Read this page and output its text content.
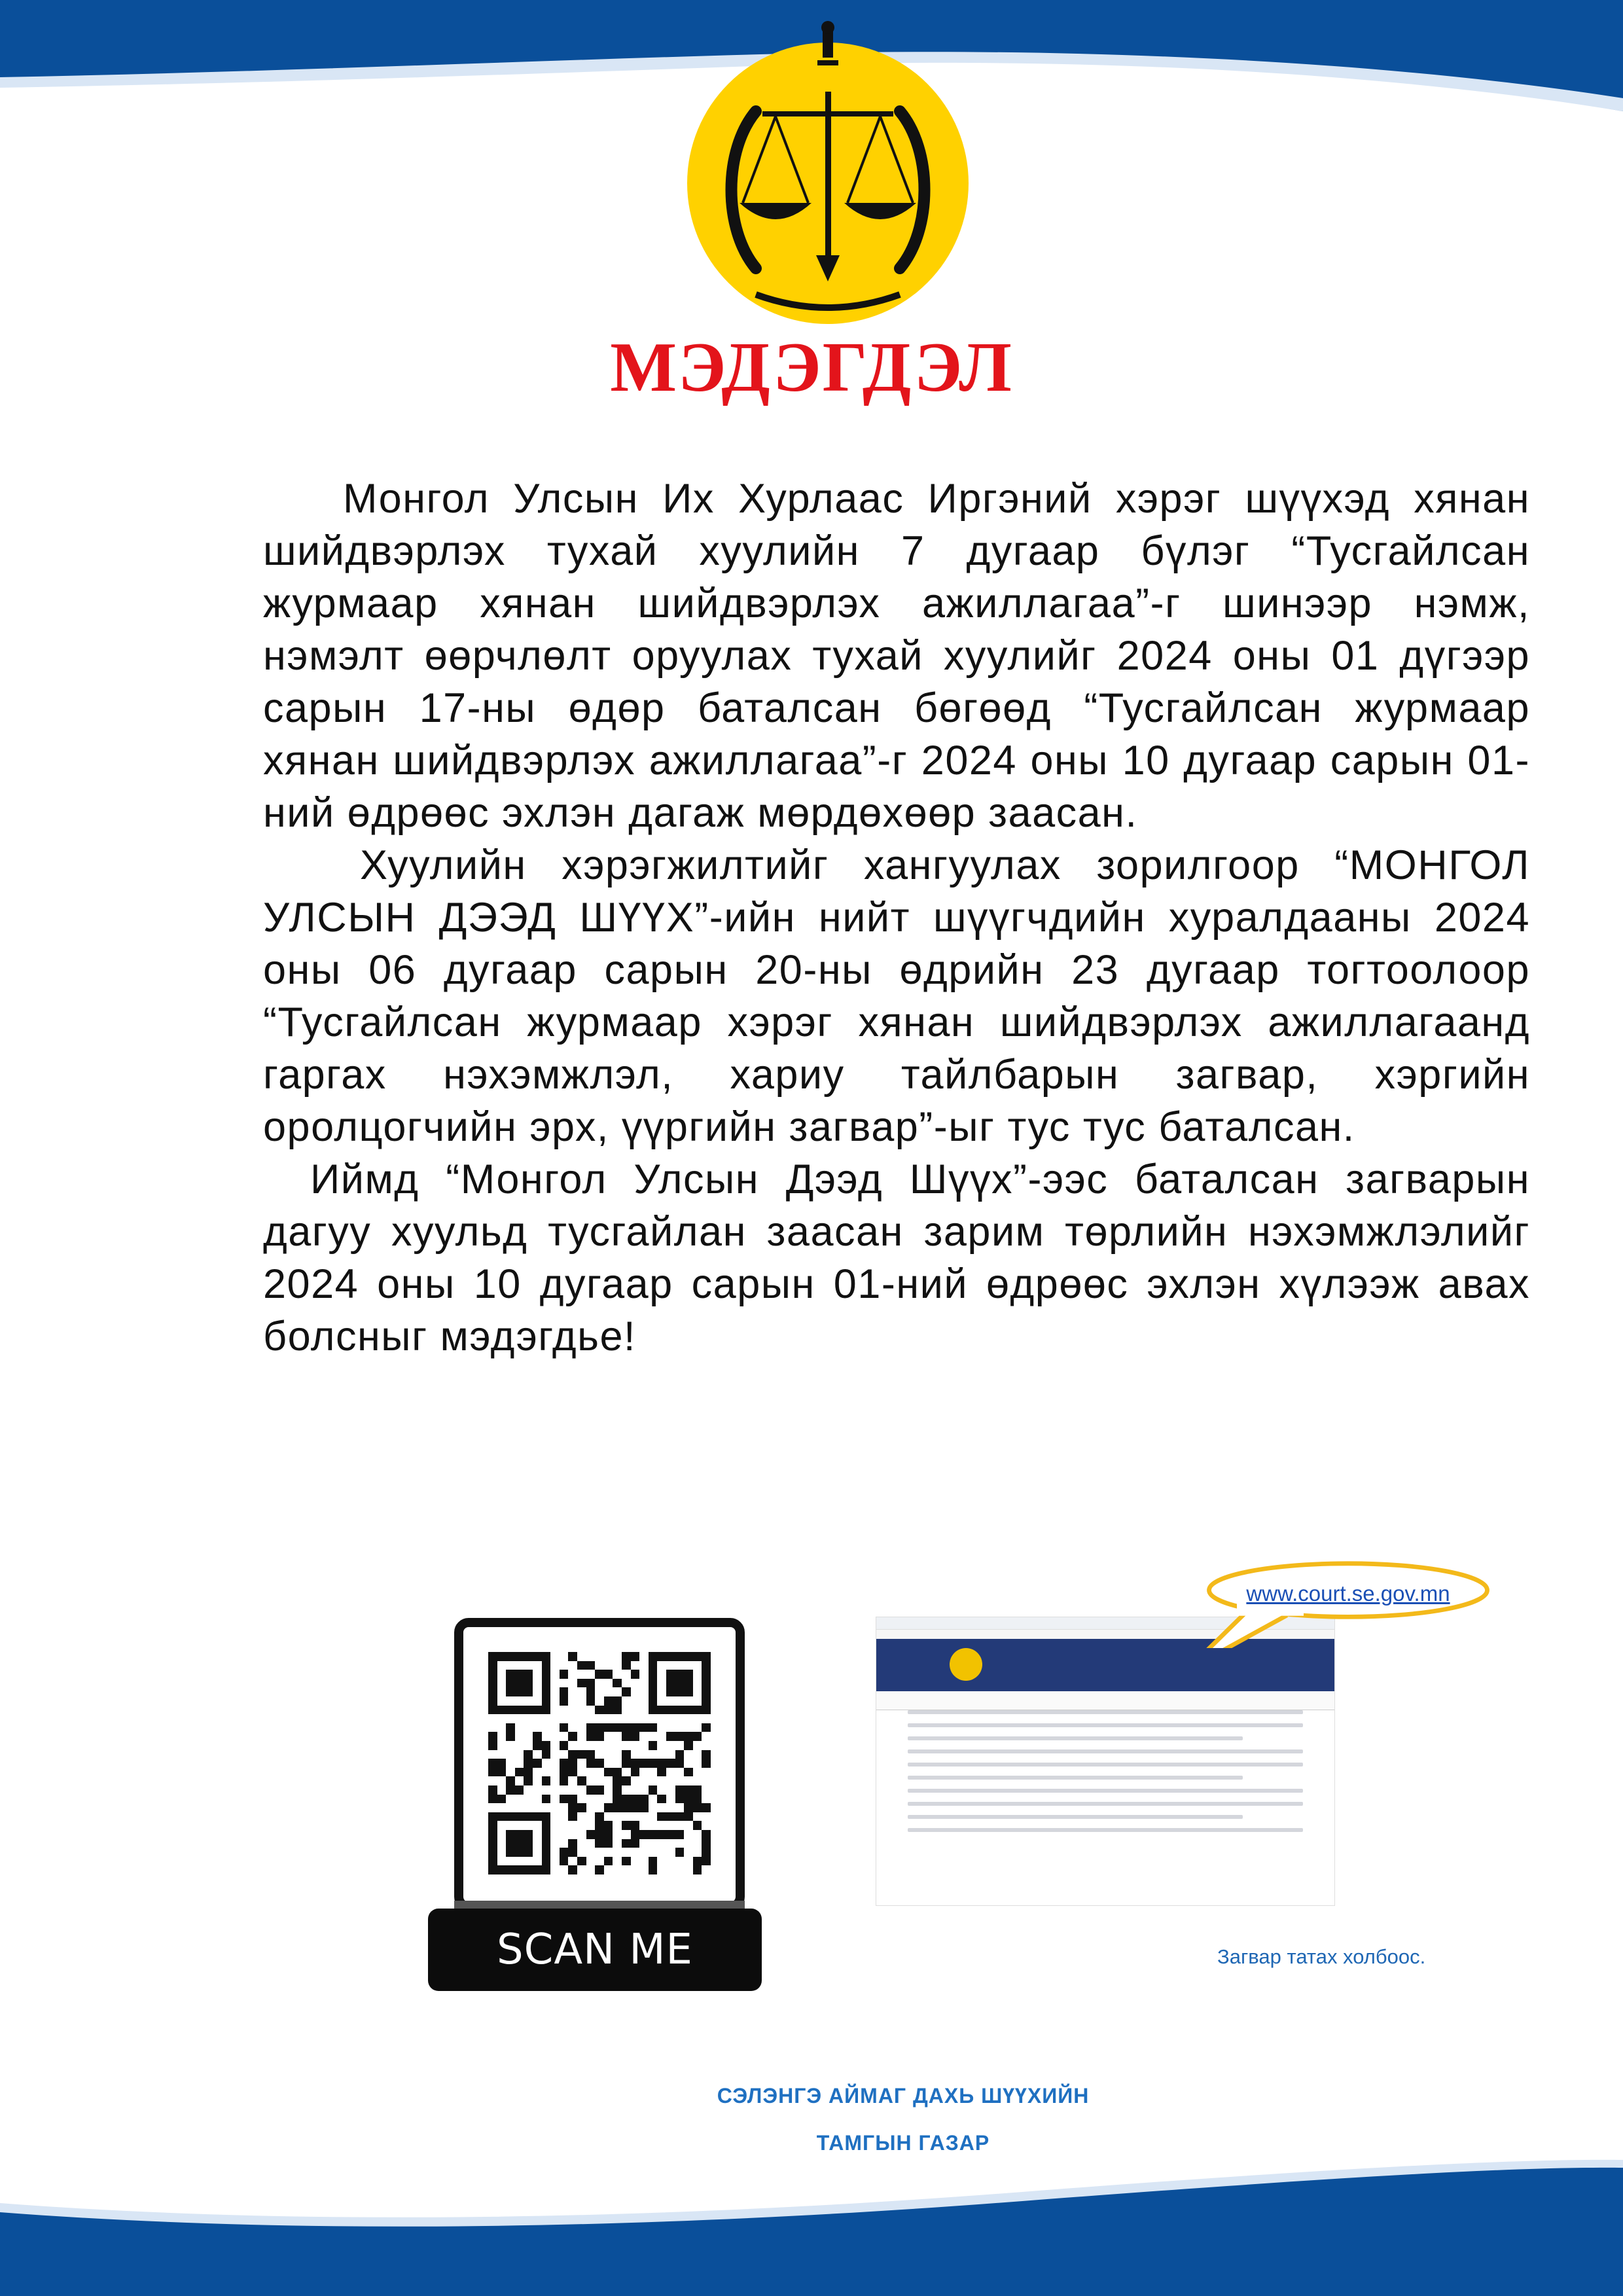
МЭДЭГДЭЛ

Монгол Улсын Их Хурлаас Иргэний хэрэг шүүхэд хянан шийдвэрлэх тухай хуулийн 7 дугаар бүлэг “Тусгайлсан журмаар хянан шийдвэрлэх ажиллагаа”-г шинээр нэмж, нэмэлт өөрчлөлт оруулах тухай хуулийг 2024 оны 01 дүгээр сарын 17-ны өдөр баталсан бөгөөд “Тусгайлсан журмаар хянан шийдвэрлэх ажиллагаа”-г 2024 оны 10 дугаар сарын 01-ний өдрөөс эхлэн дагаж мөрдөхөөр заасан.

Хуулийн хэрэгжилтийг хангуулах зорилгоор “МОНГОЛ УЛСЫН ДЭЭД ШҮҮХ”-ийн нийт шүүгчдийн хуралдааны 2024 оны 06 дугаар сарын 20-ны өдрийн 23 дугаар тогтоолоор “Тусгайлсан журмаар хэрэг хянан шийдвэрлэх ажиллагаанд гаргах нэхэмжлэл, хариу тайлбарын загвар, хэргийн оролцогчийн эрх, үүргийн загвар”-ыг тус тус баталсан.

Иймд “Монгол Улсын Дээд Шүүх”-ээс баталсан загварын дагуу хуульд тусгайлан заасан зарим төрлийн нэхэмжлэлийг 2024 оны 10 дугаар сарын 01-ний өдрөөс эхлэн хүлээж авах болсныг мэдэгдье!

SCAN ME
www.court.se.gov.mn
Загвар татах холбоос.
СЭЛЭНГЭ АЙМАГ ДАХЬ ШҮҮХИЙН
ТАМГЫН ГАЗАР
